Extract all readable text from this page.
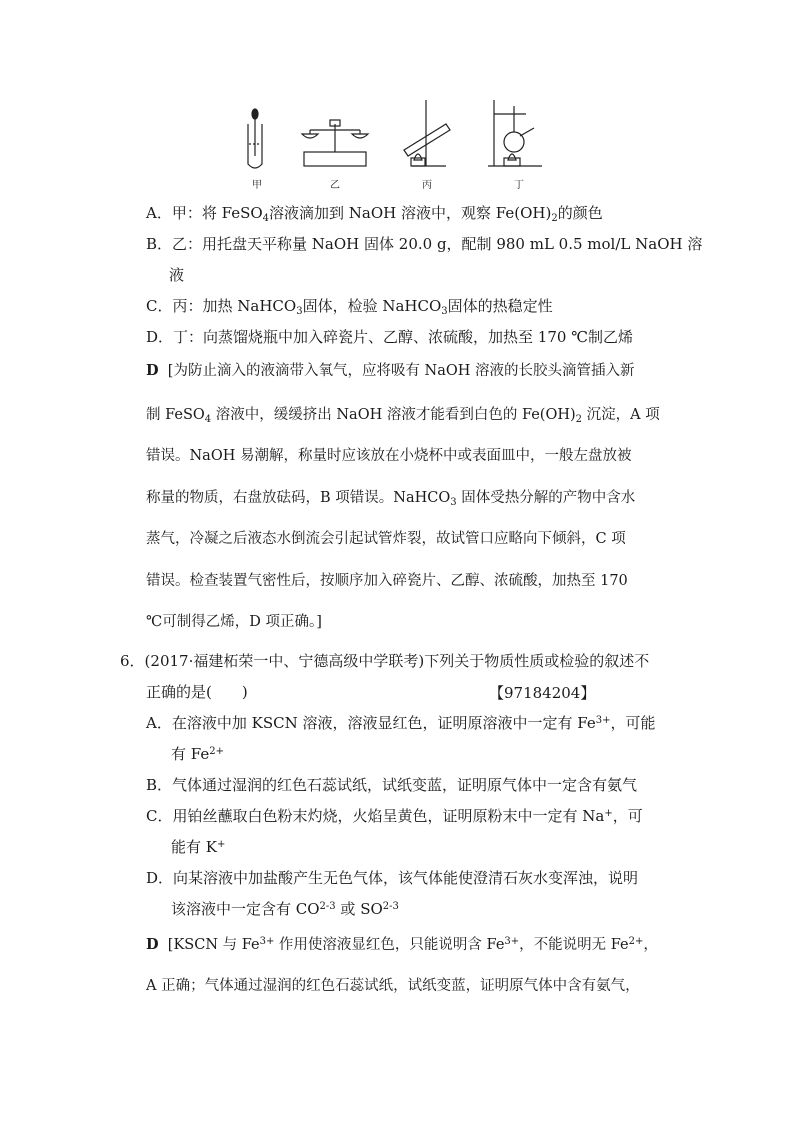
甲	乙	丙	丁
A．甲：将 FeSO$_4$溶液滴加到 NaOH 溶液中，观察 $Fe(OH)_2$的颜色
B．乙：用托盘天平称量 NaOH 固体 20.0 g，配制 980 mL 0.5 mol/L NaOH 溶
液
C．丙：加热 NaHCO$_3$固体，检验 NaHCO$_3$固体的热稳定性
D．丁：向蒸馏烧瓶中加入碎瓷片、乙醇、浓硫酸，加热至 170 ℃制乙烯
D [为防止滴入的液滴带入氧气，应将吸有 NaOH 溶液的长胶头滴管插入新
制 FeSO$_4$ 溶液中，缓缓挤出 NaOH 溶液才能看到白色的 $Fe(OH)_2$ 沉淀，A 项
错误。NaOH 易潮解，称量时应该放在小烧杯中或表面皿中，一般左盘放被
称量的物质，右盘放砝码，B 项错误。NaHCO$_3$ 固体受热分解的产物中含水
蒸气，冷凝之后液态水倒流会引起试管炸裂，故试管口应略向下倾斜，C 项
错误。检查装置气密性后，按顺序加入碎瓷片、乙醇、浓硫酸，加热至 170
℃可制得乙烯，D 项正确。]
6．(2017·福建柘荣一中、宁德高级中学联考)下列关于物质性质或检验的叙述不
正确的是(　　)	【97184204】
A．在溶液中加 KSCN 溶液，溶液显红色，证明原溶液中一定有 $Fe^{3+}$，可能
有 $Fe^{2+}$
B．气体通过湿润的红色石蕊试纸，试纸变蓝，证明原气体中一定含有氨气
C．用铂丝蘸取白色粉末灼烧，火焰呈黄色，证明原粉末中一定有 Na+，可
能有 K+
D．向某溶液中加盐酸产生无色气体，该气体能使澄清石灰水变浑浊，说明
该溶液中一定含有 CO$^{2-3}$ 或 SO$^{2-3}$
D [KSCN 与 $Fe^{3+}$ 作用使溶液显红色，只能说明含 $Fe^{3+}$，不能说明无 $Fe^{2+}$，
A 正确；气体通过湿润的红色石蕊试纸，试纸变蓝，证明原气体中含有氨气，
